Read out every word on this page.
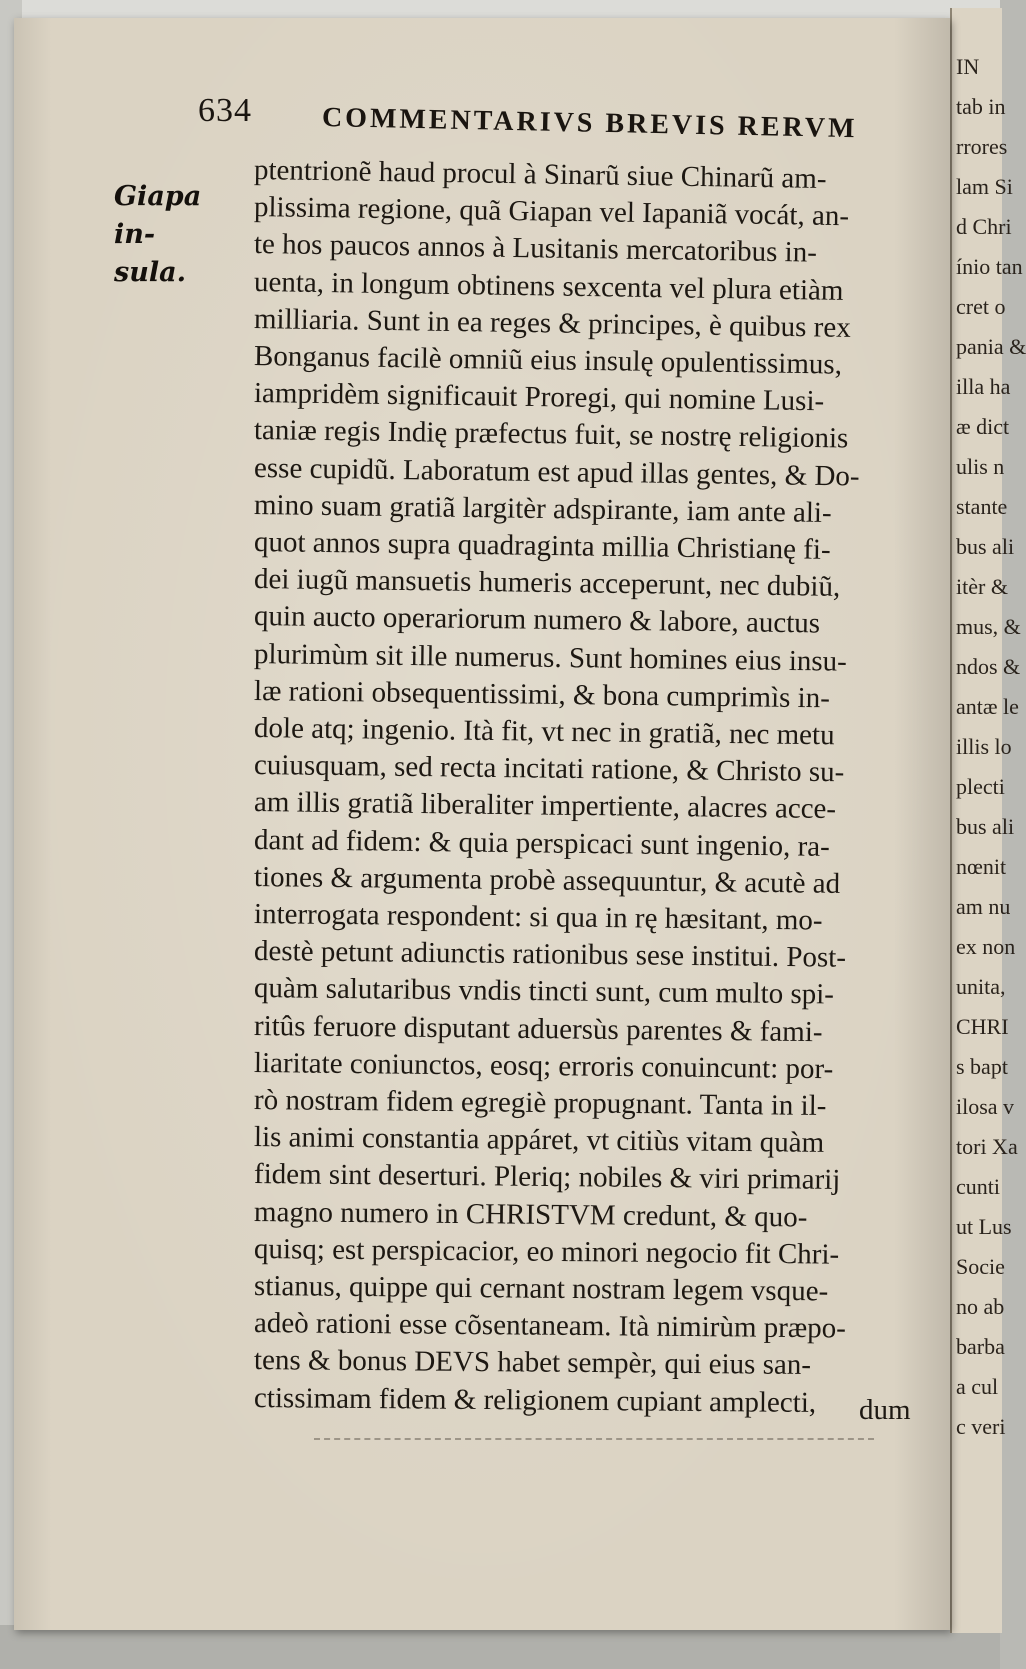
IN
tab in
rrores
lam Si
d Chri
ínio tan
cret o
pania &
illa ha
æ dict
ulis n
stante
bus ali
itèr &
mus, &
ndos &
antæ le
illis lo
plecti
bus ali
nœnit
am nu
ex non
unita,
CHRI
s bapt
ilosa v
tori Xa
cunti
ut Lus
Socie
no ab
barba
a cul
c veri
634 COMMENTARIVS BREVIS RERVM
Giapa in-
sula.
ptentrionẽ haud procul à Sinarũ siue Chinarũ am-
plissima regione, quã Giapan vel Iapaniã vocát, an-
te hos paucos annos à Lusitanis mercatoribus in-
uenta, in longum obtinens sexcenta vel plura etiàm
milliaria. Sunt in ea reges & principes, è quibus rex
Bonganus facilè omniũ eius insulę opulentissimus,
iampridèm significauit Proregi, qui nomine Lusi-
taniæ regis Indię præfectus fuit, se nostrę religionis
esse cupidũ. Laboratum est apud illas gentes, & Do-
mino suam gratiã largitèr adspirante, iam ante ali-
quot annos supra quadraginta millia Christianę fi-
dei iugũ mansuetis humeris acceperunt, nec dubiũ,
quin aucto operariorum numero & labore, auctus
plurimùm sit ille numerus. Sunt homines eius insu-
læ rationi obsequentissimi, & bona cumprimìs in-
dole atq; ingenio. Ità fit, vt nec in gratiã, nec metu
cuiusquam, sed recta incitati ratione, & Christo su-
am illis gratiã liberaliter impertiente, alacres acce-
dant ad fidem: & quia perspicaci sunt ingenio, ra-
tiones & argumenta probè assequuntur, & acutè ad
interrogata respondent: si qua in rę hæsitant, mo-
destè petunt adiunctis rationibus sese institui. Post-
quàm salutaribus vndis tincti sunt, cum multo spi-
ritûs feruore disputant aduersùs parentes & fami-
liaritate coniunctos, eosq; erroris conuincunt: por-
rò nostram fidem egregiè propugnant. Tanta in il-
lis animi constantia appáret, vt citiùs vitam quàm
fidem sint deserturi. Pleriq; nobiles & viri primarij
magno numero in CHRISTVM credunt, & quo-
quisq; est perspicacior, eo minori negocio fit Chri-
stianus, quippe qui cernant nostram legem vsque-
adeò rationi esse cõsentaneam. Ità nimirùm præpo-
tens & bonus DEVS habet sempèr, qui eius san-
ctissimam fidem & religionem cupiant amplecti, dum
